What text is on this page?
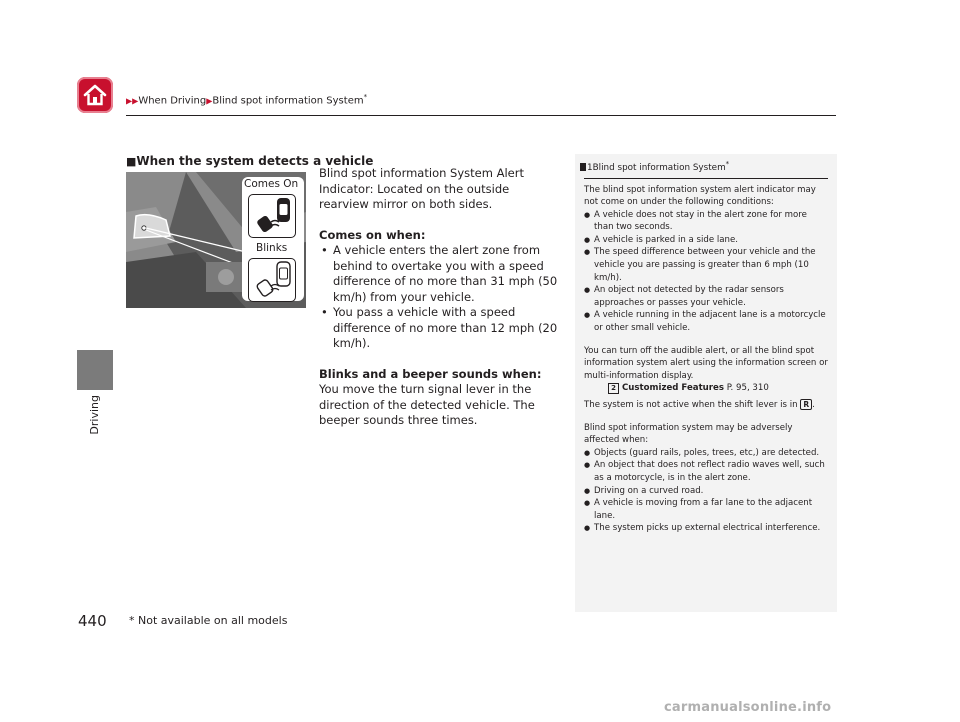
▶▶When Driving▶Blind spot information System*
Driving
■When the system detects a vehicle
Comes On
Blinks

Blind spot information System Alert Indicator: Located on the outside rearview mirror on both sides.

Comes on when:

• A vehicle enters the alert zone from behind to overtake you with a speed difference of no more than 31 mph (50 km/h) from your vehicle.
• You pass a vehicle with a speed difference of no more than 12 mph (20 km/h).

Blinks and a beeper sounds when:

You move the turn signal lever in the direction of the detected vehicle. The beeper sounds three times.

1Blind spot information System*

The blind spot information system alert indicator may not come on under the following conditions:

● A vehicle does not stay in the alert zone for more than two seconds.
● A vehicle is parked in a side lane.
● The speed difference between your vehicle and the vehicle you are passing is greater than 6 mph (10 km/h).
● An object not detected by the radar sensors approaches or passes your vehicle.
● A vehicle running in the adjacent lane is a motorcycle or other small vehicle.

You can turn off the audible alert, or all the blind spot information system alert using the information screen or multi-information display.

2 Customized Features P. 95, 310

The system is not active when the shift lever is in R .

Blind spot information system may be adversely affected when:

● Objects (guard rails, poles, trees, etc,) are detected.
● An object that does not reflect radio waves well, such as a motorcycle, is in the alert zone.
● Driving on a curved road.
● A vehicle is moving from a far lane to the adjacent lane.
● The system picks up external electrical interference.
440 * Not available on all models
carmanualsonline.info
